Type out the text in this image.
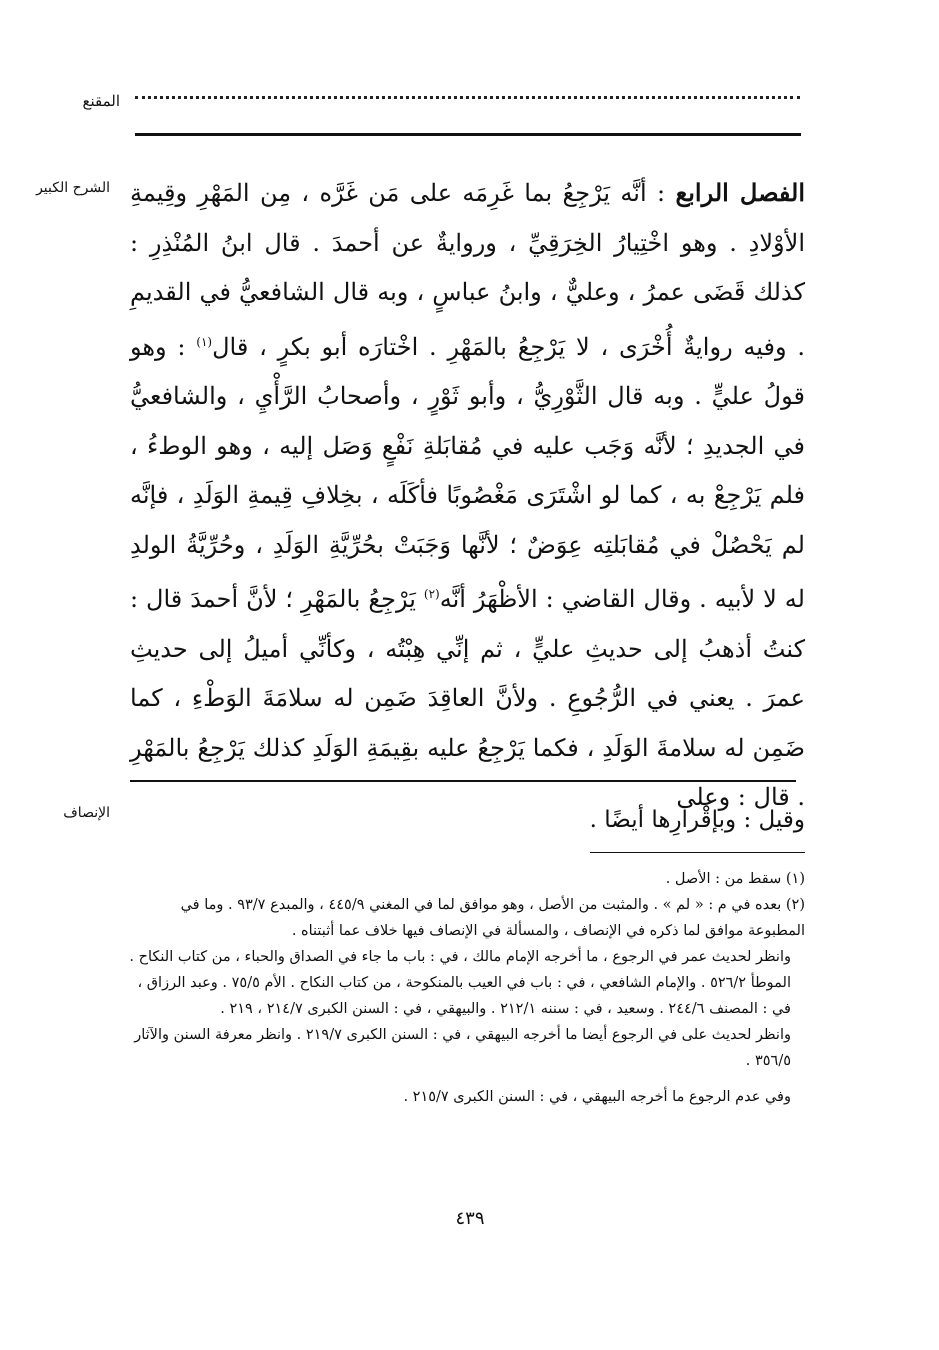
المقنع
الشرح الكبير	الفصل الرابع : أنَّه يَرْجِعُ بما غَرِمَه على مَن غَرَّه ، مِن المَهْرِ وقِيمةِ الأوْلادِ . وهو اخْتِيارُ الخِرَقِيِّ ، وروايةٌ عن أحمدَ . قال ابنُ المُنْذِرِ : كذلك قَضَى عمرُ ، وعليٌّ ، وابنُ عباسٍ ، وبه قال الشافعيُّ في القديمِ . وفيه روايةٌ أُخْرَى ، لا يَرْجِعُ بالمَهْرِ . اخْتارَه أبو بكرٍ ، قال$^{(١)}$ : وهو قولُ عليٍّ . وبه قال الثَّوْرِيُّ ، وأبو ثَوْرٍ ، وأصحابُ الرَّأْيِ ، والشافعيُّ في الجديدِ ؛ لأنَّه وَجَب عليه في مُقابَلةِ نَفْعٍ وَصَل إليه ، وهو الوطءُ ، فلم يَرْجِعْ به ، كما لو اشْتَرَى مَغْصُوبًا فأكَلَه ، بخِلافِ قِيمةِ الوَلَدِ ، فإنَّه لم يَحْصُلْ في مُقابَلتِه عِوَضٌ ؛ لأنَّها وَجَبَتْ بحُرِّيَّةِ الوَلَدِ ، وحُرِّيَّةُ الولدِ له لا لأبيه . وقال القاضي : الأظْهَرُ أنَّه$^{(٢)}$ يَرْجِعُ بالمَهْرِ ؛ لأنَّ أحمدَ قال : كنتُ أذهبُ إلى حديثِ عليٍّ ، ثم إنِّي هِبْتُه ، وكأنِّي أميلُ إلى حديثِ عمرَ . يعني في الرُّجُوعِ . ولأنَّ العاقِدَ ضَمِن له سلامَةَ الوَطْءِ ، كما ضَمِن له سلامةَ الوَلَدِ ، فكما يَرْجِعُ عليه بقِيمَةِ الوَلَدِ كذلك يَرْجِعُ بالمَهْرِ . قال : وعلى
الإنصاف	وقيل : وبإقْرارِها أيضًا .

(١) سقط من : الأصل .

(٢) بعده في م : « لم » . والمثبت من الأصل ، وهو موافق لما في المغني ٤٤٥/٩ ، والمبدع ٩٣/٧ . وما في المطبوعة موافق لما ذكره في الإنصاف ، والمسألة في الإنصاف فيها خلاف عما أثبتناه .

وانظر لحديث عمر في الرجوع ، ما أخرجه الإمام مالك ، في : باب ما جاء في الصداق والحباء ، من كتاب النكاح . الموطأ ٥٢٦/٢ . والإمام الشافعي ، في : باب في العيب بالمنكوحة ، من كتاب النكاح . الأم ٧٥/٥ . وعبد الرزاق ، في : المصنف ٢٤٤/٦ . وسعيد ، في : سننه ٢١٢/١ . والبيهقي ، في : السنن الكبرى ٢١٤/٧ ، ٢١٩ .

وانظر لحديث على في الرجوع أيضا ما أخرجه البيهقي ، في : السنن الكبرى ٢١٩/٧ . وانظر معرفة السنن والآثار ٣٥٦/٥ .

وفي عدم الرجوع ما أخرجه البيهقي ، في : السنن الكبرى ٢١٥/٧ .

٤٣٩
